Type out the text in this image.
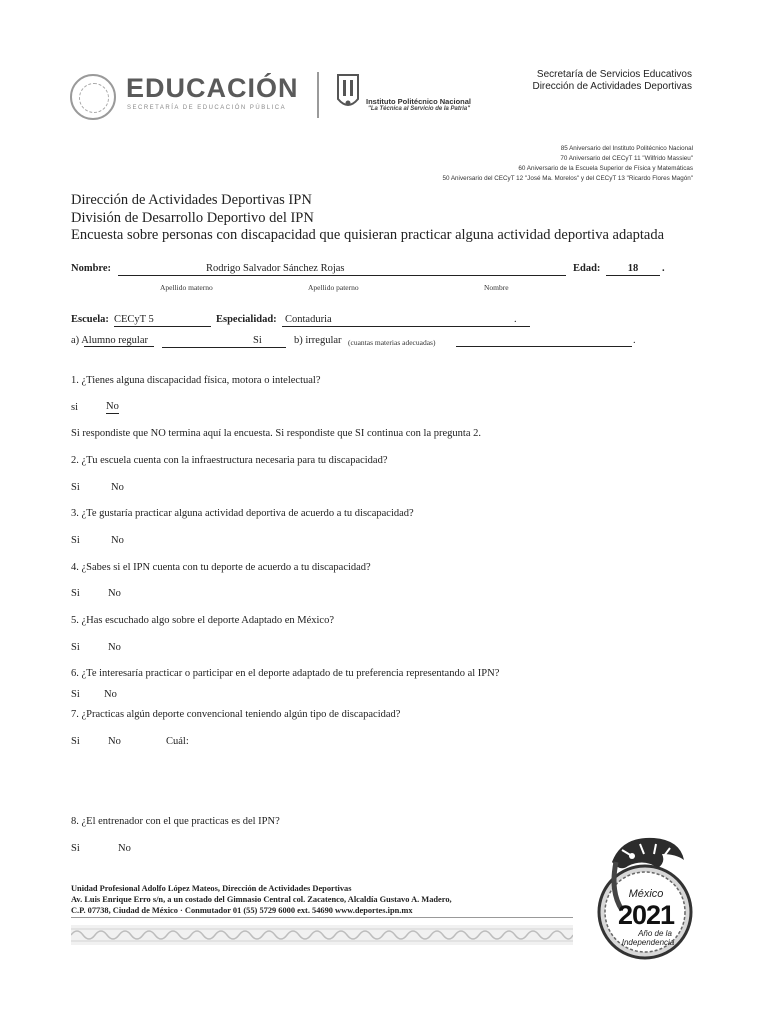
EDUCACIÓN
SECRETARÍA DE EDUCACIÓN PÚBLICA
Instituto Politécnico Nacional
"La Técnica al Servicio de la Patria"
Secretaría de Servicios Educativos
Dirección de Actividades Deportivas
85 Aniversario del Instituto Politécnico Nacional
70 Aniversario del CECyT 11 "Wilfrido Massieu"
60 Aniversario de la Escuela Superior de Física y Matemáticas
50 Aniversario del CECyT 12 "José Ma. Morelos" y del CECyT 13 "Ricardo Flores Magón"
Dirección de Actividades Deportivas IPN
División de Desarrollo Deportivo del IPN
Encuesta sobre personas con discapacidad que quisieran practicar alguna actividad deportiva adaptada
Nombre:	Rodrigo Salvador Sánchez Rojas	Edad:	18	.
Apellido materno	Apellido paterno	Nombre
Escuela: CECyT 5	Especialidad: Contaduria	.
a) Alumno regular	Si	b) irregular (cuantas materias adecuadas)	.
1. ¿Tienes alguna discapacidad física, motora o intelectual?
si	No
Si respondiste que NO termina aquí la encuesta. Si respondiste que SI continua con la pregunta 2.
2. ¿Tu escuela cuenta con la infraestructura necesaria para tu discapacidad?
Si	No
3. ¿Te gustaría practicar alguna actividad deportiva de acuerdo a tu discapacidad?
Si	No
4. ¿Sabes si el IPN cuenta con tu deporte de acuerdo a tu discapacidad?
Si	No
5. ¿Has escuchado algo sobre el deporte Adaptado en México?
Si	No
6. ¿Te interesaría practicar o participar en el deporte adaptado de tu preferencia representando al IPN?
Si No
7. ¿Practicas algún deporte convencional teniendo algún tipo de discapacidad?
Si	No	Cuál:
8. ¿El entrenador con el que practicas es del IPN?
Si	No
Unidad Profesional Adolfo López Mateos, Dirección de Actividades Deportivas
Av. Luis Enrique Erro s/n, a un costado del Gimnasio Central col. Zacatenco, Alcaldía Gustavo A. Madero,
C.P. 07738, Ciudad de México · Conmutador 01 (55) 5729 6000 ext. 54690 www.deportes.ipn.mx
México
2021
Año de la
Independencia
